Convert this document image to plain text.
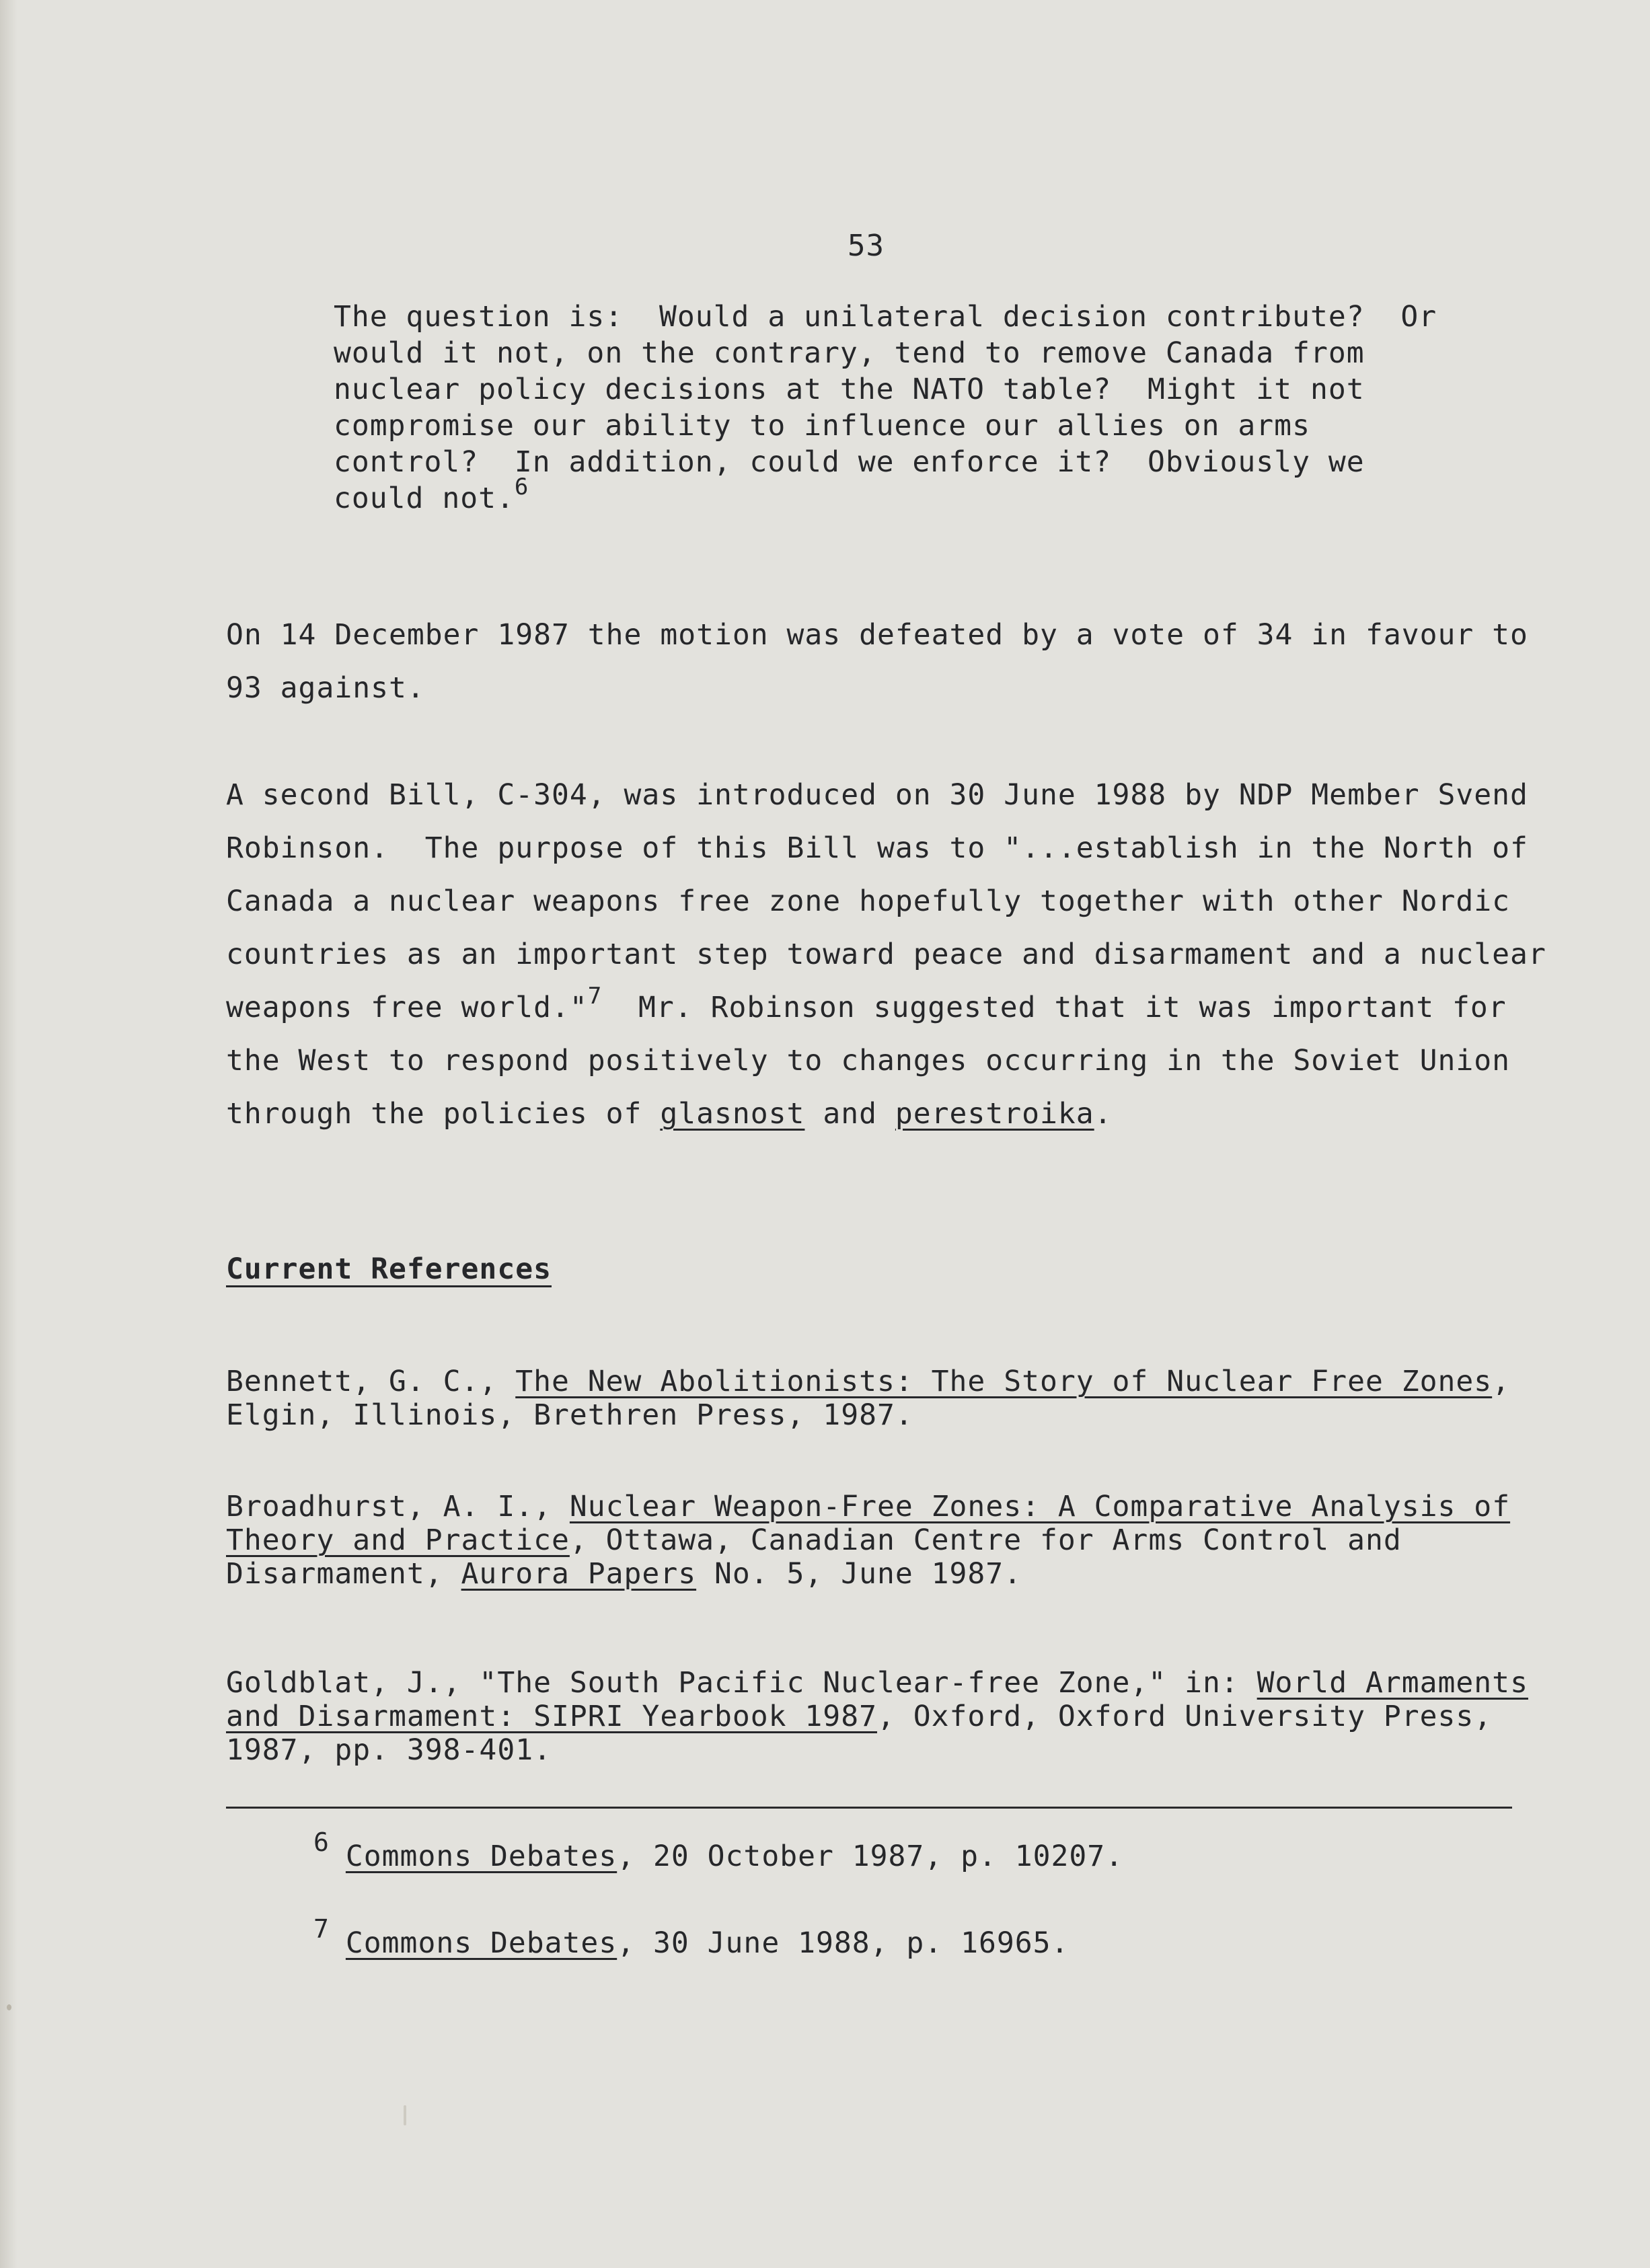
53
The question is:  Would a unilateral decision contribute?  Or
would it not, on the contrary, tend to remove Canada from
nuclear policy decisions at the NATO table?  Might it not
compromise our ability to influence our allies on arms
control?  In addition, could we enforce it?  Obviously we
could not.$^6$
On 14 December 1987 the motion was defeated by a vote of 34 in favour to
93 against.
A second Bill, C-304, was introduced on 30 June 1988 by NDP Member Svend
Robinson.  The purpose of this Bill was to "...establish in the North of
Canada a nuclear weapons free zone hopefully together with other Nordic
countries as an important step toward peace and disarmament and a nuclear
weapons free world."$^7$  Mr. Robinson suggested that it was important for
the West to respond positively to changes occurring in the Soviet Union
through the policies of glasnost and perestroika.
Current References
Bennett, G. C., The New Abolitionists: The Story of Nuclear Free Zones,
Elgin, Illinois, Brethren Press, 1987.
Broadhurst, A. I., Nuclear Weapon-Free Zones: A Comparative Analysis of
Theory and Practice, Ottawa, Canadian Centre for Arms Control and
Disarmament, Aurora Papers No. 5, June 1987.
Goldblat, J., "The South Pacific Nuclear-free Zone," in: World Armaments
and Disarmament: SIPRI Yearbook 1987, Oxford, Oxford University Press,
1987, pp. 398-401.
$^6$ Commons Debates, 20 October 1987, p. 10207.
$^7$ Commons Debates, 30 June 1988, p. 16965.
